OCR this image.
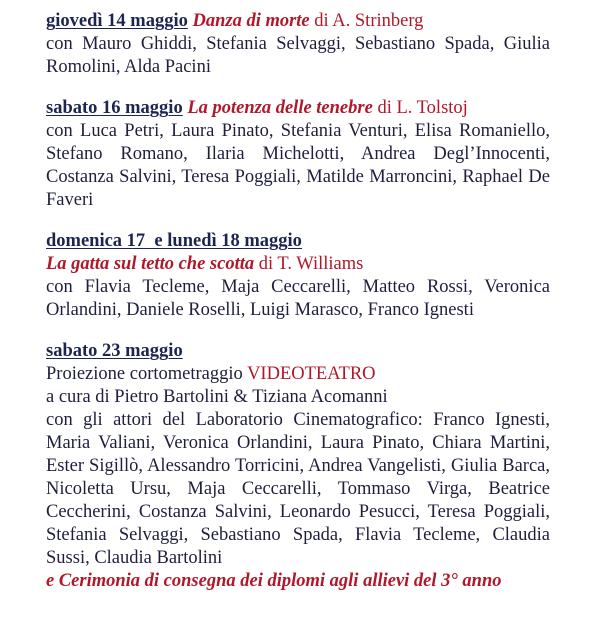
giovedì 14 maggio Danza di morte di A. Strinberg

con Mauro Ghiddi, Stefania Selvaggi, Sebastiano Spada, Giulia Romolini, Alda Pacini

sabato 16 maggio La potenza delle tenebre di L. Tolstoj

con Luca Petri, Laura Pinato, Stefania Venturi, Elisa Romaniello, Stefano Romano, Ilaria Michelotti, Andrea Degl’Innocenti, Costanza Salvini, Teresa Poggiali, Matilde Marroncini, Raphael De Faveri

domenica 17  e lunedì 18 maggio

La gatta sul tetto che scotta di T. Williams

con Flavia Tecleme, Maja Ceccarelli, Matteo Rossi, Veronica Orlandini, Daniele Roselli, Luigi Marasco, Franco Ignesti

sabato 23 maggio

Proiezione cortometraggio VIDEOTEATRO

a cura di Pietro Bartolini & Tiziana Acomanni

con gli attori del Laboratorio Cinematografico: Franco Ignesti, Maria Valiani, Veronica Orlandini, Laura Pinato, Chiara Martini, Ester Sigillò, Alessandro Torricini, Andrea Vangelisti, Giulia Barca, Nicoletta Ursu, Maja Ceccarelli, Tommaso Virga, Beatrice Ceccherini, Costanza Salvini, Leonardo Pesucci, Teresa Poggiali, Stefania Selvaggi, Sebastiano Spada, Flavia Tecleme, Claudia Sussi, Claudia Bartolini

e Cerimonia di consegna dei diplomi agli allievi del 3° anno
